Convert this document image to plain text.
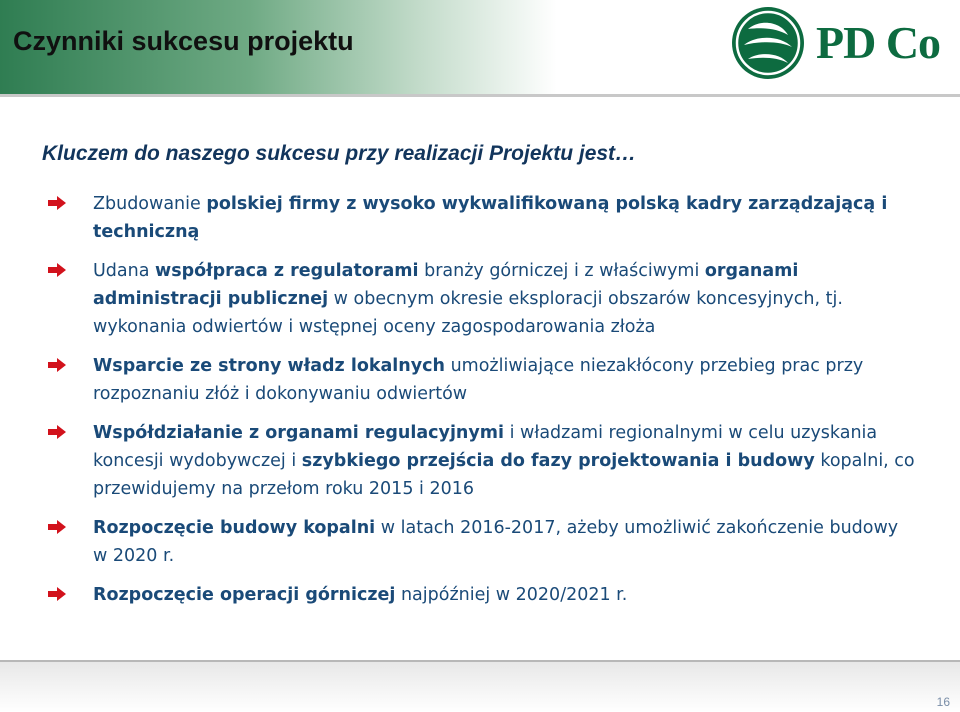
Czynniki sukcesu projektu	PD Co
Kluczem do naszego sukcesu przy realizacji Projektu jest…
Zbudowanie polskiej firmy z wysoko wykwalifikowaną polską kadry zarządzającą i techniczną
Udana współpraca z regulatorami branży górniczej i z właściwymi organami administracji publicznej w obecnym okresie eksploracji obszarów koncesyjnych, tj. wykonania odwiertów i wstępnej oceny zagospodarowania złoża
Wsparcie ze strony władz lokalnych umożliwiające niezakłócony przebieg prac przy rozpoznaniu złóż i dokonywaniu odwiertów
Współdziałanie z organami regulacyjnymi i władzami regionalnymi w celu uzyskania koncesji wydobywczej i szybkiego przejścia do fazy projektowania i budowy kopalni, co przewidujemy na przełom roku 2015 i 2016
Rozpoczęcie budowy kopalni w latach 2016-2017, ażeby umożliwić zakończenie budowy w 2020 r.
Rozpoczęcie operacji górniczej najpóźniej w 2020/2021 r.
16
